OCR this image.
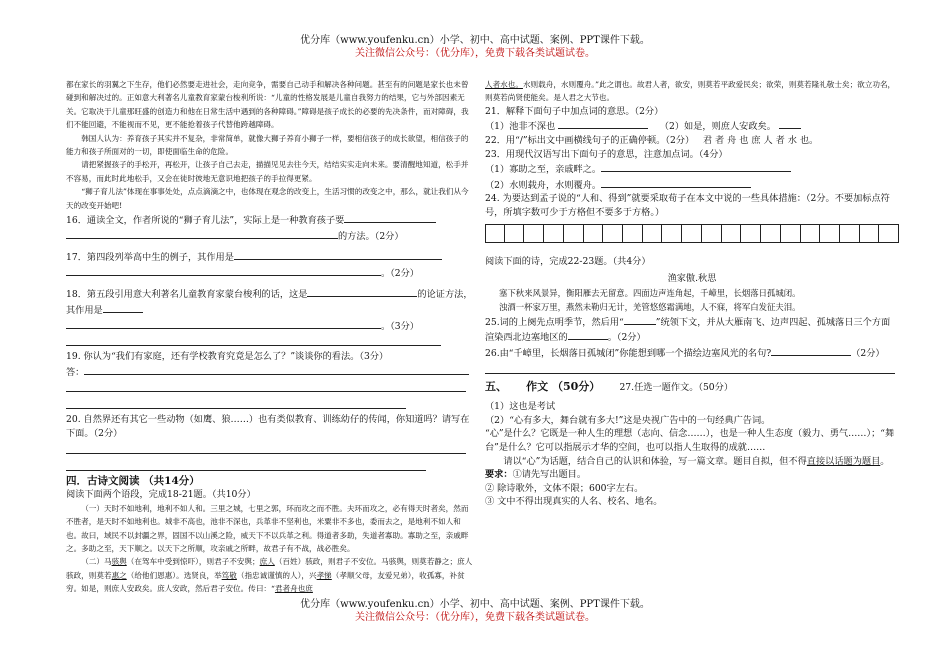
优分库（www.youfenku.cn）小学、初中、高中试题、案例、PPT课件下载。
关注微信公众号：（优分库），免费下载各类试题试卷。

都在家长的羽翼之下生存，他们必然要走进社会，走向竞争，需要自己动手和解决各种问题。甚至有的问题是家长也未曾碰到和解决过的。正如意大利著名儿童教育家蒙台梭利所说：“儿童的性格发展是儿童自我努力的结果，它与外部因素无关。它取决于儿童那旺盛的创造力和他在日常生活中遇到的各种障碍。”障碍是孩子成长的必要的先决条件，而对障碍，我们不能回避，不能视而不见，更不能抢着孩子代替他跨越障碍。

韩国人认为：养育孩子其实并不复杂，非常简单，就像大狮子养育小狮子一样，要相信孩子的成长欲望，相信孩子的能力和孩子所面对的一切，即使面临生命的危险。

请把紧握孩子的手松开，再松开，让孩子自己去走，描描见见去往今天，结结实实走向未来。要清醒地知道，松手并不容易，而此时此地松手，又会在徒时彼地无意识地把孩子的手拉得更紧。

“狮子育儿法”体现在事事处处，点点滴滴之中，也体现在观念的改变上，生活习惯的改变之中，那么，就让我们从今天的改变开始吧!

16．通读全文，作者所说的“狮子育儿法”，实际上是一种教育孩子要

的方法。（2分）

17．第四段列举高中生的例子，其作用是

。（2分）

18．第五段引用意大利著名儿童教育家蒙台梭利的话，这是	的论证方法，其作用是

。（3分）

19. 你认为“我们有家庭，还有学校教育究竟是怎么了？”谈谈你的看法。（3分）

答：

20. 自然界还有其它一些动物（如鹰、狼……）也有类似教育、训练幼仔的传闻，你知道吗？请写在下面。（2分）

四．古诗文阅读 （共14分）

阅读下面两个语段，完成18-21题。（共10分）

（一）天时不如地利，地利不如人和。三里之城，七里之郭，环而攻之而不胜。夫环而攻之，必有得天时者矣，然而不胜者，是天时不如地利也。城非不高也，池非不深也，兵革非不坚利也，米粟非不多也，委而去之，是地利不如人和也。故曰，域民不以封疆之界，固国不以山溪之险，威天下不以兵革之利。得道者多助，失道者寡助。寡助之至，亲戚畔之。多助之至，天下顺之。以天下之所顺，攻亲戚之所畔，故君子有不战，战必胜矣。

（二）马骇舆（在驾车中受到惊吓），则君子不安舆；庶人（百姓）骇政，则君子不安位。马骇舆，则莫若静之；庶人骇政，则莫若惠之（给他们恩惠）。选贤良，举笃敬（指忠诚谨慎的人），兴孝悌（孝顺父母，友爱兄弟），收孤寡，补贫穷。如是，则庶人安政矣。庶人安政，然后君子安位。传曰：“君者舟也庶

人者水也。水则载舟，水则覆舟。”此之谓也。故君人者，欲安，则莫若平政爱民矣；欲荣，则莫若隆礼敬士矣；欲立功名，则莫若尚贤使能矣。是人君之大节也。

21．解释下面句子中加点词的意思。（2分）

（1）池非不深也	（2）如是，则庶人安政矣。

22．用“/”标出文中画横线句子的正确停顿。（2分） 君 者 舟 也 庶 人 者 水 也。

23．用现代汉语写出下面句子的意思，注意加点词。（4分）

（1）寡助之至，亲戚畔之。

（2）水则载舟，水则覆舟。

24. 为要达到孟子说的“人和、得到”就要采取荀子在本文中说的一些具体措施：（2分。不要加标点符号，所填字数可少于方格但不要多于方格。）

阅读下面的诗，完成22-23题。（共4分）

渔家傲.秋思

塞下秋来风景异，衡阳雁去无留意。四面边声连角起，千嶂里，长烟落日孤城闭。

浊酒一杯家万里，燕然未勒归无计，羌管悠悠霜满地，人不寐，将军白发征夫泪。

25.词的上阕先点明季节，然后用“	”统领下文，并从大雁南飞、边声四起、孤城落日三个方面渲染西北边塞地区的	。（2分）

26.由“千嶂里，长烟落日孤城闭”你能想到哪一个描绘边塞风光的名句?	（2分）

五、 作文 （50分） 27.任选一题作文。（50分）

（1）这也是考试

（2）“心有多大，舞台就有多大!”这是央视广告中的一句经典广告词。

“心”是什么？它既是一种人生的理想（志向、信念……），也是一种人生态度（毅力、勇气……）；“舞台”是什么？它可以指展示才华的空间，也可以指人生取得的成就……

请以“心”为话题，结合自己的认识和体验，写一篇文章。题目自拟，但不得直接以话题为题目。

要求：①请先写出题目。

② 除诗歌外，文体不限；600字左右。

③ 文中不得出现真实的人名、校名、地名。

优分库（www.youfenku.cn）小学、初中、高中试题、案例、PPT课件下载。
关注微信公众号：（优分库），免费下载各类试题试卷。
